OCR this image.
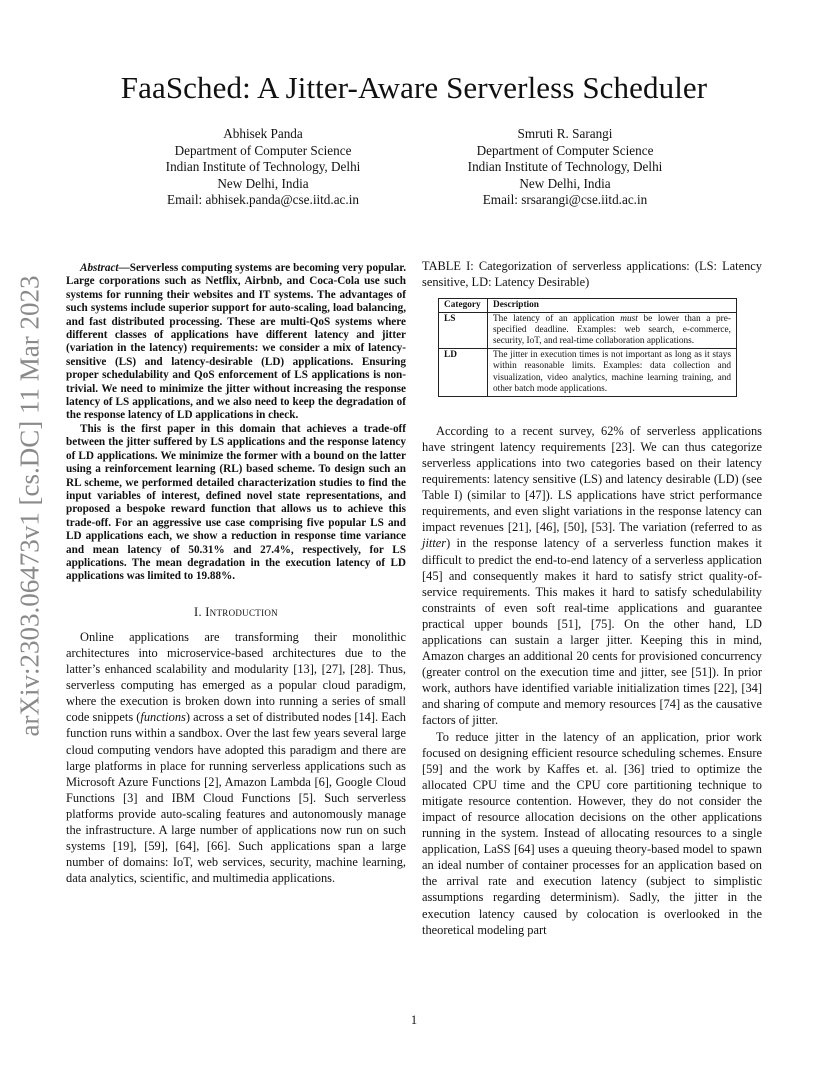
FaaSched: A Jitter-Aware Serverless Scheduler
Abhisek Panda
Department of Computer Science
Indian Institute of Technology, Delhi
New Delhi, India
Email: abhisek.panda@cse.iitd.ac.in
Smruti R. Sarangi
Department of Computer Science
Indian Institute of Technology, Delhi
New Delhi, India
Email: srsarangi@cse.iitd.ac.in
arXiv:2303.06473v1 [cs.DC] 11 Mar 2023

Abstract—Serverless computing systems are becoming very popular. Large corporations such as Netflix, Airbnb, and Coca-Cola use such systems for running their websites and IT systems. The advantages of such systems include superior support for auto-scaling, load balancing, and fast distributed processing. These are multi-QoS systems where different classes of applications have different latency and jitter (variation in the latency) requirements: we consider a mix of latency-sensitive (LS) and latency-desirable (LD) applications. Ensuring proper schedulability and QoS enforcement of LS applications is non-trivial. We need to minimize the jitter without increasing the response latency of LS applications, and we also need to keep the degradation of the response latency of LD applications in check.

This is the first paper in this domain that achieves a trade-off between the jitter suffered by LS applications and the response latency of LD applications. We minimize the former with a bound on the latter using a reinforcement learning (RL) based scheme. To design such an RL scheme, we performed detailed characterization studies to find the input variables of interest, defined novel state representations, and proposed a bespoke reward function that allows us to achieve this trade-off. For an aggressive use case comprising five popular LS and LD applications each, we show a reduction in response time variance and mean latency of 50.31% and 27.4%, respectively, for LS applications. The mean degradation in the execution latency of LD applications was limited to 19.88%.

I. Introduction

Online applications are transforming their monolithic architectures into microservice-based architectures due to the latter’s enhanced scalability and modularity [13], [27], [28]. Thus, serverless computing has emerged as a popular cloud paradigm, where the execution is broken down into running a series of small code snippets (functions) across a set of distributed nodes [14]. Each function runs within a sandbox. Over the last few years several large cloud computing vendors have adopted this paradigm and there are large platforms in place for running serverless applications such as Microsoft Azure Functions [2], Amazon Lambda [6], Google Cloud Functions [3] and IBM Cloud Functions [5]. Such serverless platforms provide auto-scaling features and autonomously manage the infrastructure. A large number of applications now run on such systems [19], [59], [64], [66]. Such applications span a large number of domains: IoT, web services, security, machine learning, data analytics, scientific, and multimedia applications.

TABLE I: Categorization of serverless applications: (LS: Latency sensitive, LD: Latency Desirable)

Category	Description
LS	The latency of an application must be lower than a pre-specified deadline. Examples: web search, e-commerce, security, IoT, and real-time collaboration applications.
LD	The jitter in execution times is not important as long as it stays within reasonable limits. Examples: data collection and visualization, video analytics, machine learning training, and other batch mode applications.

According to a recent survey, 62% of serverless applications have stringent latency requirements [23]. We can thus categorize serverless applications into two categories based on their latency requirements: latency sensitive (LS) and latency desirable (LD) (see Table I) (similar to [47]). LS applications have strict performance requirements, and even slight variations in the response latency can impact revenues [21], [46], [50], [53]. The variation (referred to as jitter) in the response latency of a serverless function makes it difficult to predict the end-to-end latency of a serverless application [45] and consequently makes it hard to satisfy strict quality-of-service requirements. This makes it hard to satisfy schedulability constraints of even soft real-time applications and guarantee practical upper bounds [51], [75]. On the other hand, LD applications can sustain a larger jitter. Keeping this in mind, Amazon charges an additional 20 cents for provisioned concurrency (greater control on the execution time and jitter, see [51]). In prior work, authors have identified variable initialization times [22], [34] and sharing of compute and memory resources [74] as the causative factors of jitter.

To reduce jitter in the latency of an application, prior work focused on designing efficient resource scheduling schemes. Ensure [59] and the work by Kaffes et. al. [36] tried to optimize the allocated CPU time and the CPU core partitioning technique to mitigate resource contention. However, they do not consider the impact of resource allocation decisions on the other applications running in the system. Instead of allocating resources to a single application, LaSS [64] uses a queuing theory-based model to spawn an ideal number of container processes for an application based on the arrival rate and execution latency (subject to simplistic assumptions regarding determinism). Sadly, the jitter in the execution latency caused by colocation is overlooked in the theoretical modeling part

1
